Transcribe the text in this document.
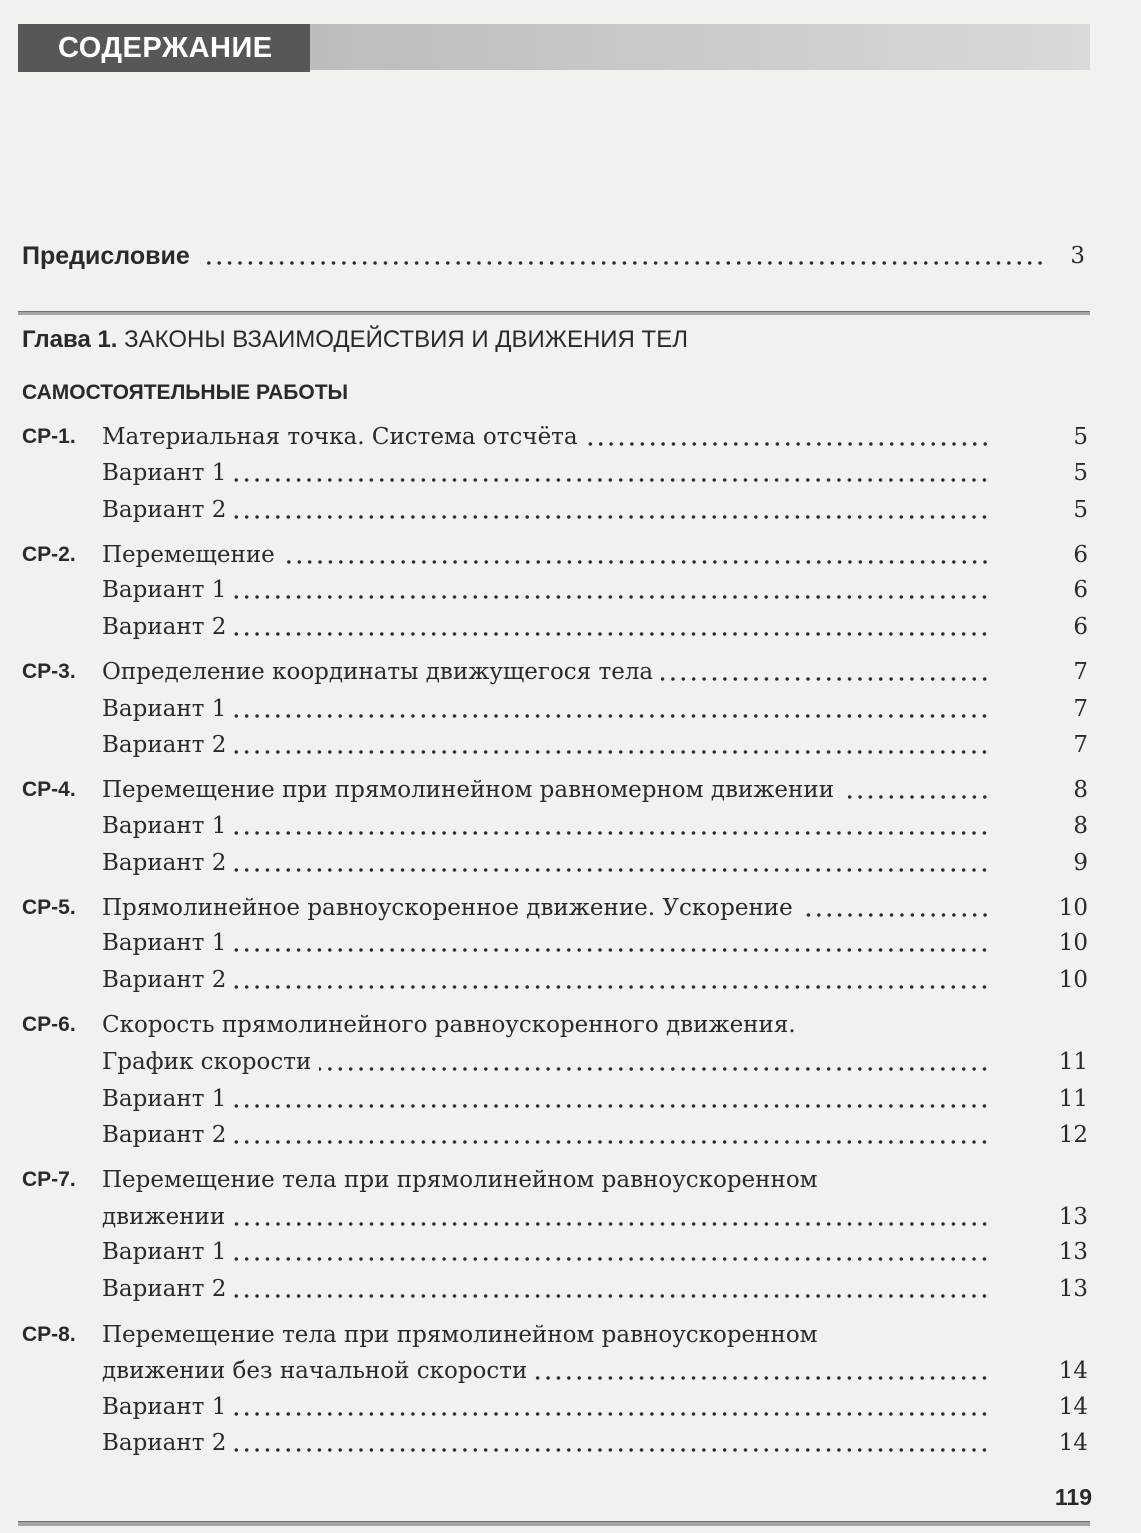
СОДЕРЖАНИЕ
Предисловие	3
Глава 1. ЗАКОНЫ ВЗАИМОДЕЙСТВИЯ И ДВИЖЕНИЯ ТЕЛ
САМОСТОЯТЕЛЬНЫЕ РАБОТЫ
СР-1. Материальная точка. Система отсчёта	5
Вариант 1	5
Вариант 2	5
СР-2. Перемещение	6
Вариант 1	6
Вариант 2	6
СР-3. Определение координаты движущегося тела	7
Вариант 1	7
Вариант 2	7
СР-4. Перемещение при прямолинейном равномерном движении	8
Вариант 1	8
Вариант 2	9
СР-5. Прямолинейное равноускоренное движение. Ускорение	10
Вариант 1	10
Вариант 2	10
СР-6. Скорость прямолинейного равноускоренного движения.
График скорости	11
Вариант 1	11
Вариант 2	12
СР-7. Перемещение тела при прямолинейном равноускоренном
движении	13
Вариант 1	13
Вариант 2	13
СР-8. Перемещение тела при прямолинейном равноускоренном
движении без начальной скорости	14
Вариант 1	14
Вариант 2	14
119
